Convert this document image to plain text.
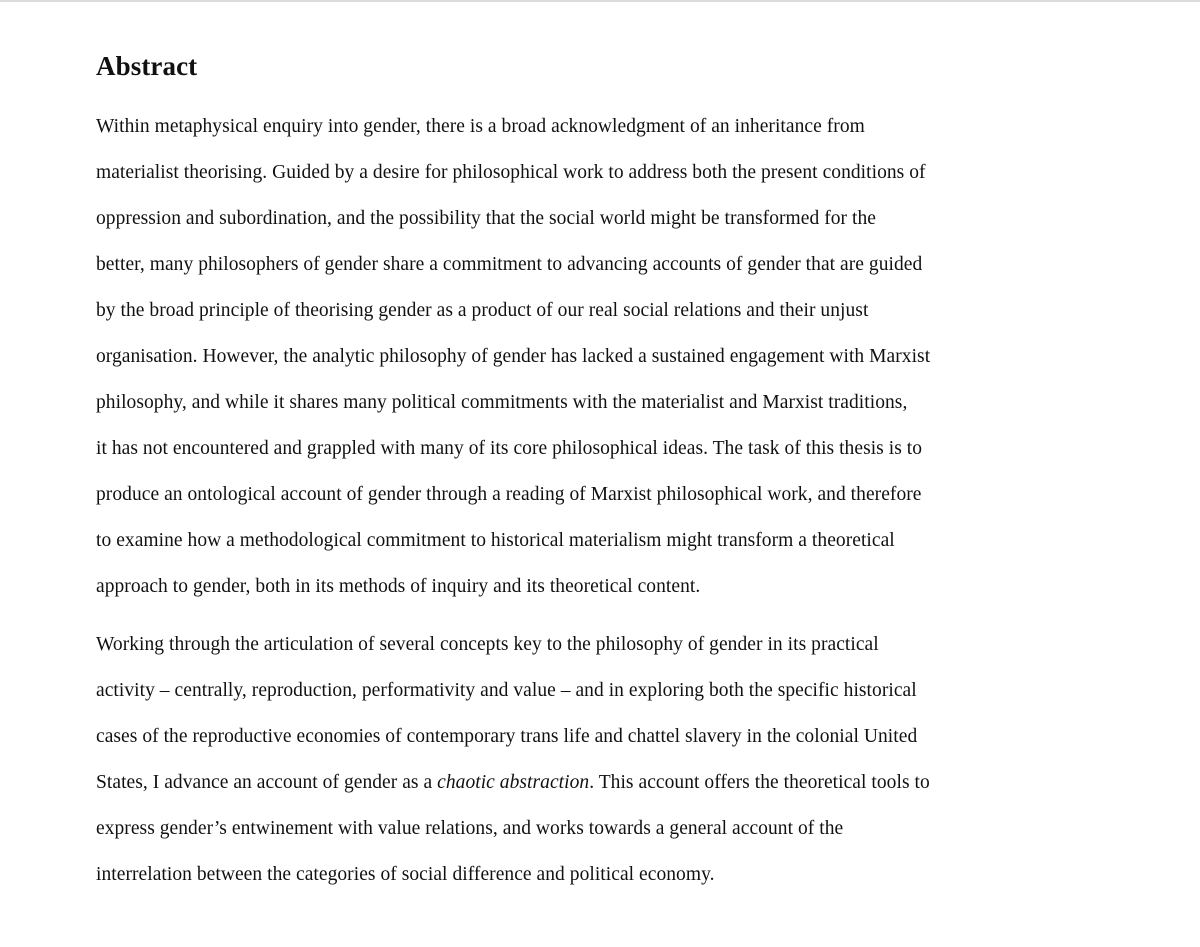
Abstract
Within metaphysical enquiry into gender, there is a broad acknowledgment of an inheritance from
materialist theorising. Guided by a desire for philosophical work to address both the present conditions of
oppression and subordination, and the possibility that the social world might be transformed for the
better, many philosophers of gender share a commitment to advancing accounts of gender that are guided
by the broad principle of theorising gender as a product of our real social relations and their unjust
organisation. However, the analytic philosophy of gender has lacked a sustained engagement with Marxist
philosophy, and while it shares many political commitments with the materialist and Marxist traditions,
it has not encountered and grappled with many of its core philosophical ideas. The task of this thesis is to
produce an ontological account of gender through a reading of Marxist philosophical work, and therefore
to examine how a methodological commitment to historical materialism might transform a theoretical
approach to gender, both in its methods of inquiry and its theoretical content.
Working through the articulation of several concepts key to the philosophy of gender in its practical
activity – centrally, reproduction, performativity and value – and in exploring both the specific historical
cases of the reproductive economies of contemporary trans life and chattel slavery in the colonial United
States, I advance an account of gender as a chaotic abstraction. This account offers the theoretical tools to
express gender’s entwinement with value relations, and works towards a general account of the
interrelation between the categories of social difference and political economy.
